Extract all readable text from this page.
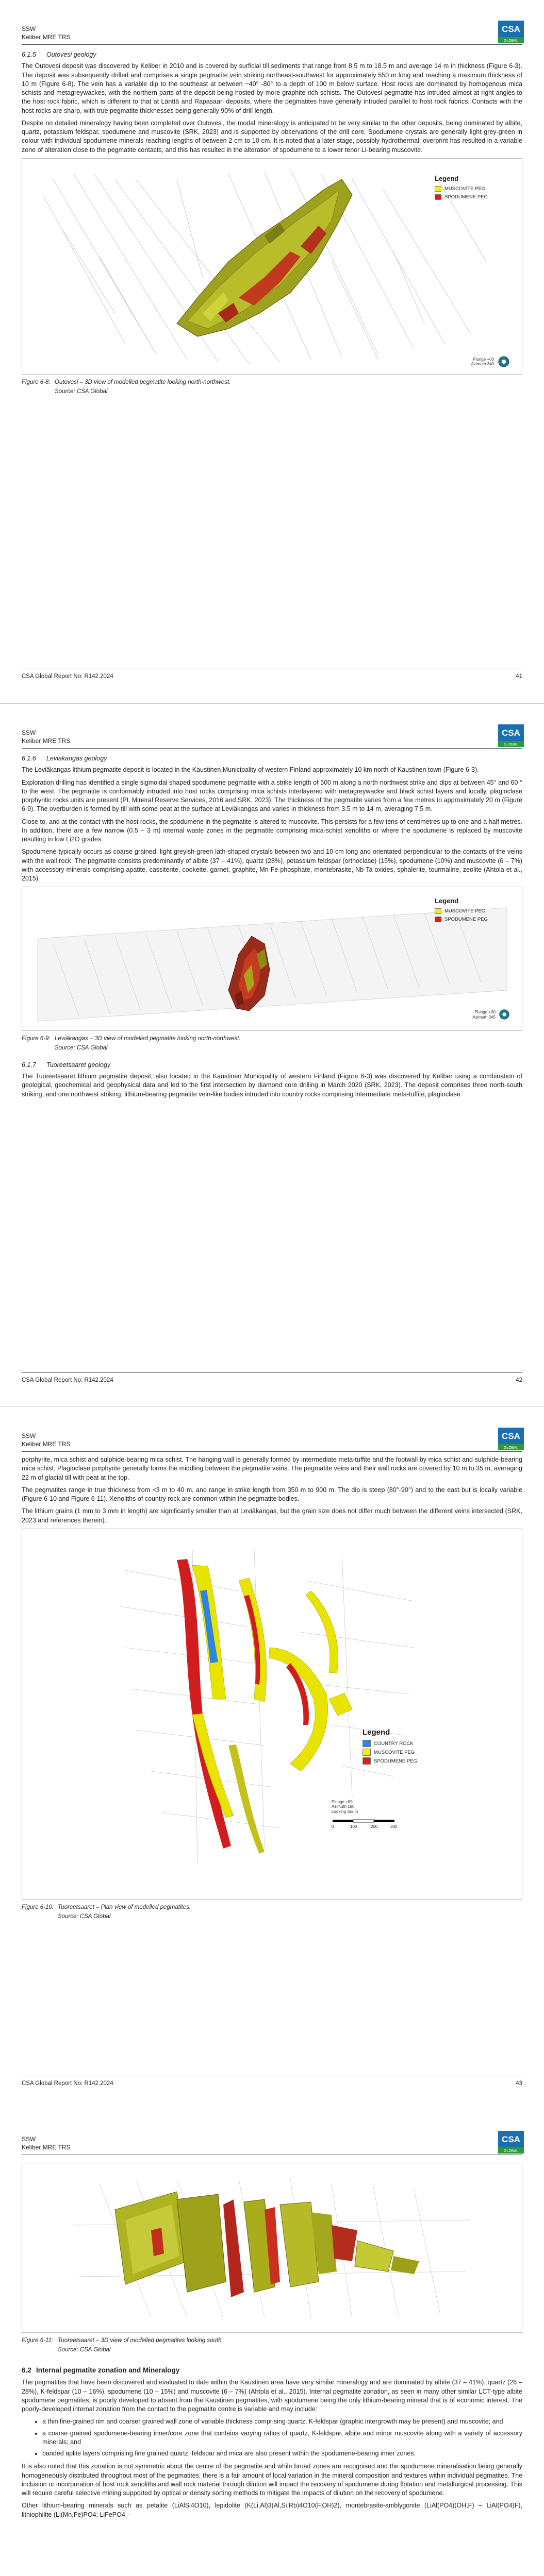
SSW
Keliber MRE TRS
CSA
GLOBAL
6.1.5 Outovesi geology

The Outovesi deposit was discovered by Keliber in 2010 and is covered by surficial till sediments that range from 8.5 m to 18.5 m and average 14 m in thickness (Figure 6-3). The deposit was subsequently drilled and comprises a single pegmatite vein striking northeast-southwest for approximately 550 m long and reaching a maximum thickness of 10 m (Figure 6-8). The vein has a variable dip to the southeast at between ~40° -80° to a depth of 100 m below surface. Host rocks are dominated by homogenous mica schists and metagreywackes, with the northern parts of the deposit being hosted by more graphite-rich schists. The Outovesi pegmatite has intruded almost at right angles to the host rock fabric, which is different to that at Länttä and Rapasaari deposits, where the pegmatites have generally intruded parallel to host rock fabrics. Contacts with the host rocks are sharp, with true pegmatite thicknesses being generally 90% of drill length.

Despite no detailed mineralogy having been completed over Outovesi, the modal mineralogy is anticipated to be very similar to the other deposits, being dominated by albite, quartz, potassium feldspar, spodumene and muscovite (SRK, 2023) and is supported by observations of the drill core. Spodumene crystals are generally light grey-green in colour with individual spodumene minerals reaching lengths of between 2 cm to 10 cm. It is noted that a later stage, possibly hydrothermal, overprint has resulted in a variable zone of alteration close to the pegmatite contacts, and this has resulted in the alteration of spodumene to a lower tenor Li-bearing muscovite.

Legend
MUSCOVITE PEG
SPODUMENE PEG
Plunge +00
Azimuth 340
Figure 6-8: Outovesi – 3D view of modelled pegmatite looking north-northwest.
Source: CSA Global
CSA Global Report No: R142.2024	41
SSW
Keliber MRE TRS
CSA
GLOBAL
6.1.6 Leviäkangas geology

The Leviäkangas lithium pegmatite deposit is located in the Kaustinen Municipality of western Finland approximately 10 km north of Kaustinen town (Figure 6-3).

Exploration drilling has identified a single sigmoidal shaped spodumene pegmatite with a strike length of 500 m along a north-northwest strike and dips at between 45° and 60 ° to the west. The pegmatite is conformably intruded into host rocks comprising mica schists interlayered with metagreywacke and black schist layers and locally, plagioclase porphyritic rocks units are present (PL Mineral Reserve Services, 2016 and SRK, 2023). The thickness of the pegmatite varies from a few metres to approximately 20 m (Figure 6-9). The overburden is formed by till with some peat at the surface at Leviäkangas and varies in thickness from 3.5 m to 14 m, averaging 7.5 m.

Close to, and at the contact with the host rocks, the spodumene in the pegmatite is altered to muscovite. This persists for a few tens of centimetres up to one and a half metres. In addition, there are a few narrow (0.5 – 3 m) internal waste zones in the pegmatite comprising mica-schist xenoliths or where the spodumene is replaced by muscovite resulting in low Li2O grades.

Spodumene typically occurs as coarse grained, light greyish-green lath-shaped crystals between two and 10 cm long and orientated perpendicular to the contacts of the veins with the wall rock. The pegmatite consists predominantly of albite (37 – 41%), quartz (28%), potassium feldspar (orthoclase) (15%), spodumene (10%) and muscovite (6 – 7%) with accessory minerals comprising apatite, cassiterite, cookeite, garnet, graphite, Mn-Fe phosphate, montebrasite, Nb-Ta oxides, sphalerite, tourmaline, zeolite (Ahtola et al., 2015).

Legend
MUSCOVITE PEG
SPODUMENE PEG
Plunge +00
Azimuth 345
Figure 6-9: Leviäkangas – 3D view of modelled pegmatite looking north-northwest.
Source: CSA Global
6.1.7 Tuoreetsaaret geology

The Tuoreetsaaret lithium pegmatite deposit, also located in the Kaustinen Municipality of western Finland (Figure 6-3) was discovered by Keliber using a combination of geological, geochemical and geophysical data and led to the first intersection by diamond core drilling in March 2020 (SRK, 2023). The deposit comprises three north-south striking, and one northwest striking, lithium-bearing pegmatite vein-like bodies intruded into country rocks comprising intermediate meta-tuffite, plagioclase

CSA Global Report No: R142.2024	42
SSW
Keliber MRE TRS
CSA
GLOBAL

porphyrite, mica schist and sulphide-bearing mica schist. The hanging wall is generally formed by intermediate meta-tuffite and the footwall by mica schist and sulphide-bearing mica schist. Plagioclase porphyrite generally forms the middling between the pegmatite veins. The pegmatite veins and their wall rocks are covered by 10 m to 35 m, averaging 22 m of glacial till with peat at the top.

The pegmatites range in true thickness from <3 m to 40 m, and range in strike length from 350 m to 900 m. The dip is steep (80°-90°) and to the east but is locally variable (Figure 6-10 and Figure 6-11). Xenoliths of country rock are common within the pegmatite bodies.

The lithium grains (1 mm to 3 mm in length) are significantly smaller than at Leviäkangas, but the grain size does not differ much between the different veins intersected (SRK, 2023 and references therein).

Legend
COUNTRY ROCK
MUSCOVITE PEG
SPODUMENE PEG
Plunge +89
Azimuth 180
Looking South
0	100	200	300
Figure 6-10: Tuoreetsaaret – Plan view of modelled pegmatites.
Source: CSA Global
CSA Global Report No: R142.2024	43
SSW
Keliber MRE TRS
CSA
GLOBAL
Figure 6-11: Tuoreetsaaret – 3D view of modelled pegmatites looking south.
Source: CSA Global
6.2 Internal pegmatite zonation and Mineralogy

The pegmatites that have been discovered and evaluated to date within the Kaustinen area have very similar mineralogy and are dominated by albite (37 – 41%), quartz (26 – 28%), K-feldspar (10 – 16%), spodumene (10 – 15%) and muscovite (6 – 7%) (Ahtola et al., 2015). Internal pegmatite zonation, as seen in many other similar LCT-type albite spodumene pegmatites, is poorly developed to absent from the Kaustinen pegmatites, with spodumene being the only lithium-bearing mineral that is of economic interest. The poorly-developed internal zonation from the contact to the pegmatite centre is variable and may include:

• a thin fine-grained rim and coarser grained wall zone of variable thickness comprising quartz, K-feldspar (graphic intergrowth may be present) and muscovite; and
• a coarse grained spodumene-bearing inner/core zone that contains varying ratios of quartz, K-feldspar, albite and minor muscovite along with a variety of accessory minerals; and
• banded aplite layers comprising fine grained quartz, feldspar and mica are also present within the spodumene-bearing inner zones.

It is also noted that this zonation is not symmetric about the centre of the pegmatite and while broad zones are recognised and the spodumene mineralisation being generally homogeneously distributed throughout most of the pegmatites, there is a fair amount of local variation in the mineral composition and textures within individual pegmatites. The inclusion or incorporation of host rock xenoliths and wall rock material through dilution will impact the recovery of spodumene during flotation and metallurgical processing. This will require careful selective mining supported by optical or density sorting methods to mitigate the impacts of dilution on the recovery of spodumene.

Other lithium-bearing minerals such as petalite (LiAlSi4O10), lepidolite (K(Li,Al)3(Al,Si,Rb)4O10(F,OH)2), montebrasite-amblygonite (LiAl(PO4)(OH,F) – LiAl(PO4)F), lithiophilite (Li(Mn,Fe)PO4; LiFePO4 –
